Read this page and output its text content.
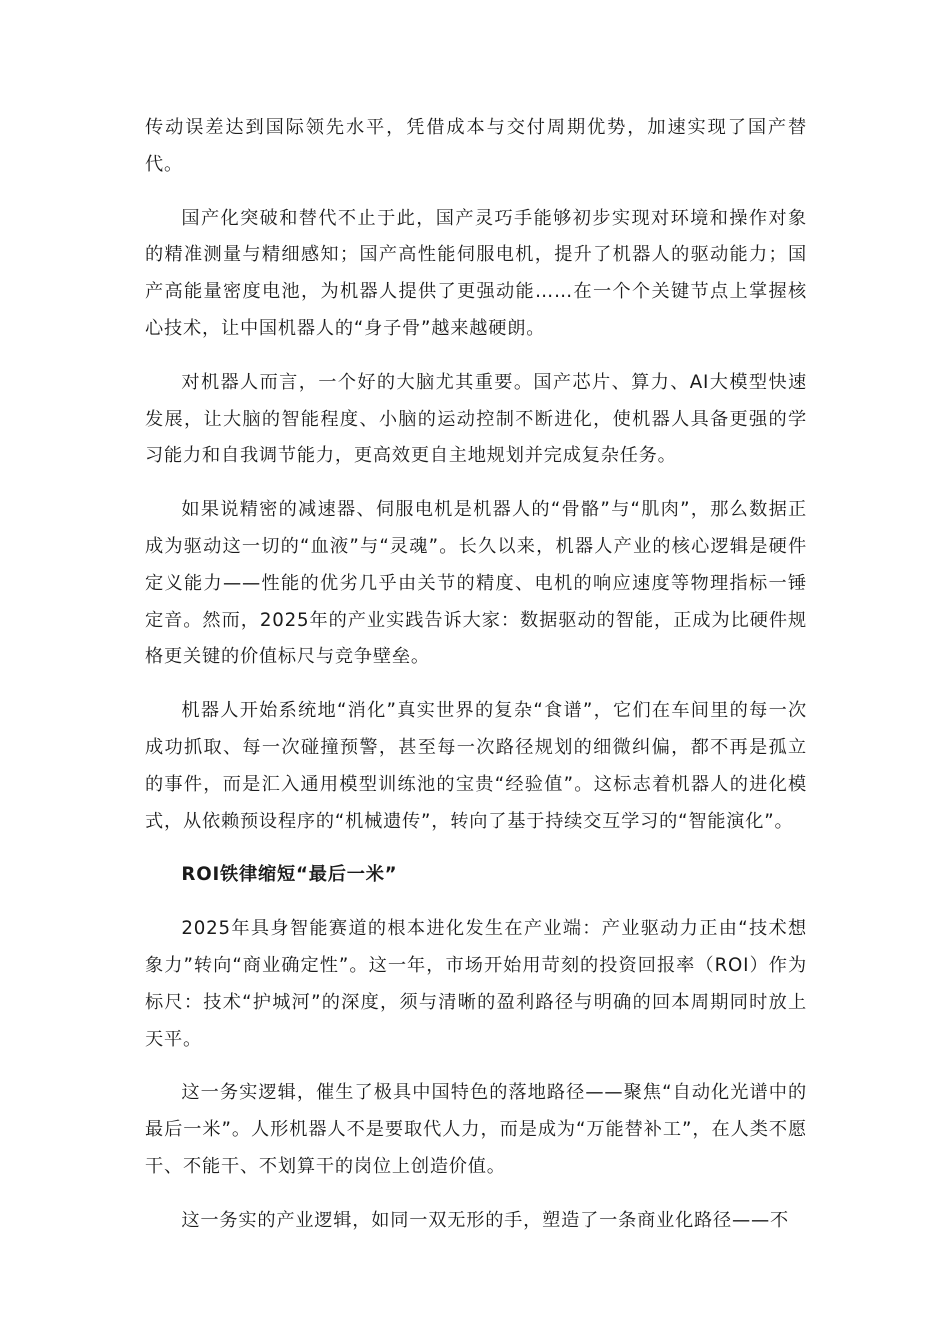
传动误差达到国际领先水平，凭借成本与交付周期优势，加速实现了国产替代。

国产化突破和替代不止于此，国产灵巧手能够初步实现对环境和操作对象的精准测量与精细感知；国产高性能伺服电机，提升了机器人的驱动能力；国产高能量密度电池，为机器人提供了更强动能……在一个个关键节点上掌握核心技术，让中国机器人的“身子骨”越来越硬朗。

对机器人而言，一个好的大脑尤其重要。国产芯片、算力、AI大模型快速发展，让大脑的智能程度、小脑的运动控制不断进化，使机器人具备更强的学习能力和自我调节能力，更高效更自主地规划并完成复杂任务。

如果说精密的减速器、伺服电机是机器人的“骨骼”与“肌肉”，那么数据正成为驱动这一切的“血液”与“灵魂”。长久以来，机器人产业的核心逻辑是硬件定义能力——性能的优劣几乎由关节的精度、电机的响应速度等物理指标一锤定音。然而，2025年的产业实践告诉大家：数据驱动的智能，正成为比硬件规格更关键的价值标尺与竞争壁垒。

机器人开始系统地“消化”真实世界的复杂“食谱”，它们在车间里的每一次成功抓取、每一次碰撞预警，甚至每一次路径规划的细微纠偏，都不再是孤立的事件，而是汇入通用模型训练池的宝贵“经验值”。这标志着机器人的进化模式，从依赖预设程序的“机械遗传”，转向了基于持续交互学习的“智能演化”。

ROI铁律缩短“最后一米”

2025年具身智能赛道的根本进化发生在产业端：产业驱动力正由“技术想象力”转向“商业确定性”。这一年，市场开始用苛刻的投资回报率（ROI）作为标尺：技术“护城河”的深度，须与清晰的盈利路径与明确的回本周期同时放上天平。

这一务实逻辑，催生了极具中国特色的落地路径——聚焦“自动化光谱中的最后一米”。人形机器人不是要取代人力，而是成为“万能替补工”，在人类不愿干、不能干、不划算干的岗位上创造价值。

这一务实的产业逻辑，如同一双无形的手，塑造了一条商业化路径——不
